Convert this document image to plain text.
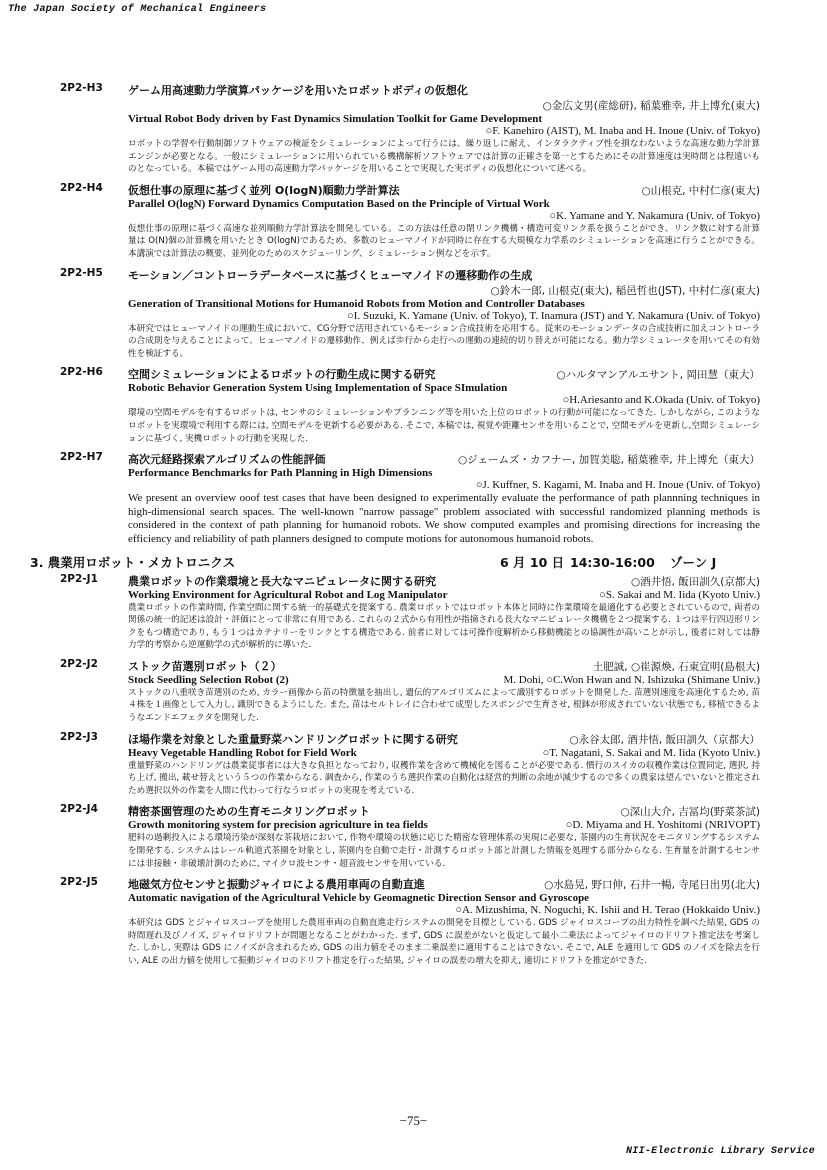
The Japan Society of Mechanical Engineers
2P2-H3 ゲーム用高速動力学演算パッケージを用いたロボットボディの仮想化
○金広文男(産総研), 稲葉雅幸, 井上博允(東大)
Virtual Robot Body driven by Fast Dynamics Simulation Toolkit for Game Development
○F. Kanehiro (AIST), M. Inaba and H. Inoue (Univ. of Tokyo)
ロボットの学習や行動制御ソフトウェアの検証をシミュレーションによって行うには、繰り返しに耐え、インタラクティブ性を損なわないような高速な動力学計算エンジンが必要となる。一般にシミュレーションに用いられている機構解析ソフトウェアでは計算の正確さを第一とするためにその計算速度は実時間とは程遠いものとなっている。本稿ではゲーム用の高速動力学パッケージを用いることで実現した実ボディの仮想化について述べる。
2P2-H4 仮想仕事の原理に基づく並列 O(logN)順動力学計算法	○山根克, 中村仁彦(東大)
Parallel O(logN) Forward Dynamics Computation Based on the Principle of Virtual Work
○K. Yamane and Y. Nakamura (Univ. of Tokyo)
仮想仕事の原理に基づく高速な並列順動力学計算法を開発している。この方法は任意の閉リンク機構・構造可変リンク系を扱うことができ、リンク数に対する計算量は O(N)個の計算機を用いたとき O(logN)であるため、多数のヒューマノイドが同時に存在する大規模な力学系のシミュレーションを高速に行うことができる。本講演では計算法の概要、並列化のためのスケジューリング、シミュレーション例などを示す。
2P2-H5 モーション／コントローラデータベースに基づくヒューマノイドの遷移動作の生成
○鈴木一郎, 山根克(東大), 稲邑哲也(JST), 中村仁彦(東大)
Generation of Transitional Motions for Humanoid Robots from Motion and Controller Databases
○I. Suzuki, K. Yamane (Univ. of Tokyo), T. Inamura (JST) and Y. Nakamura (Univ. of Tokyo)
本研究ではヒューマノイドの運動生成において、CG分野で活用されているモーション合成技術を応用する。従来のモーションデータの合成技術に加えコントローラの合成則を与えることによって、ヒューマノイドの遷移動作、例えば歩行から走行への運動の連続的切り替えが可能になる。動力学シミュレータを用いてその有効性を検証する。
2P2-H6 空間シミュレーションによるロボットの行動生成に関する研究	○ハルタマンアルエサント, 岡田慧（東大）
Robotic Behavior Generation System Using Implementation of Space SImulation
○H.Ariesanto and K.Okada (Univ. of Tokyo)
環境の空間モデルを有するロボットは, センサのシミュレーションやプランニング等を用いた上位のロボットの行動が可能になってきた. しかしながら, このようなロボットを実環境で利用する際には, 空間モデルを更新する必要がある. そこで, 本稿では, 視覚や距離センサを用いることで, 空間モデルを更新し,空間シミュレーションに基づく, 実機ロボットの行動を実現した.
2P2-H7 高次元経路探索アルゴリズムの性能評価	○ジェームズ・カフナー, 加賀美聡, 稲葉雅幸, 井上博允（東大）
Performance Benchmarks for Path Planning in High Dimensions
○J. Kuffner, S. Kagami, M. Inaba and H. Inoue (Univ. of Tokyo)
We present an overview ooof test cases that have been designed to experimentally evaluate the performance of path plannning techniques in high-dimensional search spaces. The well-known "narrow passage" problem associated with successful randomized planning methods is considered in the context of path planning for humanoid robots. We show computed examples and promising directions for increasing the efficiency and reliability of path planners designed to compute motions for autonomous humanoid robots.
3. 農業用ロボット・メカトロニクス	6 月 10 日 14:30-16:00	ゾーン J
2P2-J1	農業ロボットの作業環境と長大なマニピュレータに関する研究	○酒井悟, 飯田訓久(京都大)
Working Environment for Agricultural Robot and Log Manipulator	○S. Sakai and M. Iida (Kyoto Univ.)
農業ロボットの作業時間, 作業空間に関する統一的基礎式を提案する. 農業ロボットではロボット本体と同時に作業環境を最適化する必要とされているので, 両者の関係の統一的記述は設計・評価にとって非常に有用である. これらの２式から有用性が指摘される長大なマニピュレータ機構を２つ提案する. １つは平行四辺形リンクをもつ構造であり, もう１つはカテナリーをリンクとする構造である. 前者に対しては可操作度解析から移動機能との協調性が高いことが示し, 後者に対しては静力学的考察から逆運動学の式が解析的に導いた.
2P2-J2	ストック苗選別ロボット（２）	土肥誠, ○崔源煥, 石東宣明(島根大)
Stock Seedling Selection Robot (2)	M. Dohi, ○C.Won Hwan and N. Ishizuka (Shimane Univ.)
ストックの八重咲き苗選別のため, カラー画像から苗の特徴量を抽出し, 遺伝的アルゴリズムによって識別するロボットを開発した. 苗選別速度を高速化するため, 苗４株を１画像として入力し, 識別できるようにした. また, 苗はセルトレイに合わせて成型したスポンジで生育させ, 根鉢が形成されていない状態でも, 移植できるようなエンドエフェクタを開発した.
2P2-J3	ほ場作業を対象とした重量野菜ハンドリングロボットに関する研究	○永谷太郎, 酒井悟, 飯田訓久（京都大）
Heavy Vegetable Handling Robot for Field Work	○T. Nagatani, S. Sakai and M. Iida (Kyoto Univ.)
重量野菜のハンドリングは農業従事者には大きな負担となっており, 収穫作業を含めて機械化を図ることが必要である. 慣行のスイカの収穫作業は位置同定, 選択, 持ち上げ, 搬出, 載せ替えという５つの作業からなる. 調査から, 作業のうち選択作業の自動化は経営的判断の余地が減少するので多くの農家は望んでいないと推定されため選択以外の作業を人間に代わって行なうロボットの実現を考えている.
2P2-J4	精密茶園管理のための生育モニタリングロボット	○深山大介, 吉冨均(野菜茶試)
Growth monitoring system for precision agriculture in tea fields	○D. Miyama and H. Yoshitomi (NRIVOPT)
肥料の過剰投入による環境汚染が深刻な茶栽培において, 作物や環境の状態に応じた精密な管理体系の実現に必要な, 茶園内の生育状況をモニタリングするシステムを開発する. システムはレール軌道式茶園を対象とし, 茶園内を自動で走行・計測するロボット部と計測した情報を処理する部分からなる. 生育量を計測するセンサには非接触・非破壊計測のために, マイクロ波センサ・超音波センサを用いている.
2P2-J5	地磁気方位センサと振動ジャイロによる農用車両の自動直進	○水島晃, 野口伸, 石井一暢, 寺尾日出男(北大)
Automatic navigation of the Agricultural Vehicle by Geomagnetic Direction Sensor and Gyroscope
○A. Mizushima, N. Noguchi, K. Ishii and H. Terao (Hokkaido Univ.)
本研究は GDS とジャイロスコープを使用した農用車両の自動直進走行システムの開発を目標としている. GDS ジャイロスコープの出力特性を調べた結果, GDS の時間遅れ及びノイズ, ジャイロドリフトが問題となることがわかった. まず, GDS に誤差がないと仮定して最小二乗法によってジャイロのドリフト推定法を考案した. しかし, 実際は GDS にノイズが含まれるため, GDS の出力値をそのまま二乗誤差に適用することはできない. そこで, ALE を適用して GDS のノイズを除去を行い, ALE の出力値を使用して振動ジャイロのドリフト推定を行った結果, ジャイロの誤差の増大を抑え, 適切にドリフトを推定ができた.
−75−
NII-Electronic Library Service
